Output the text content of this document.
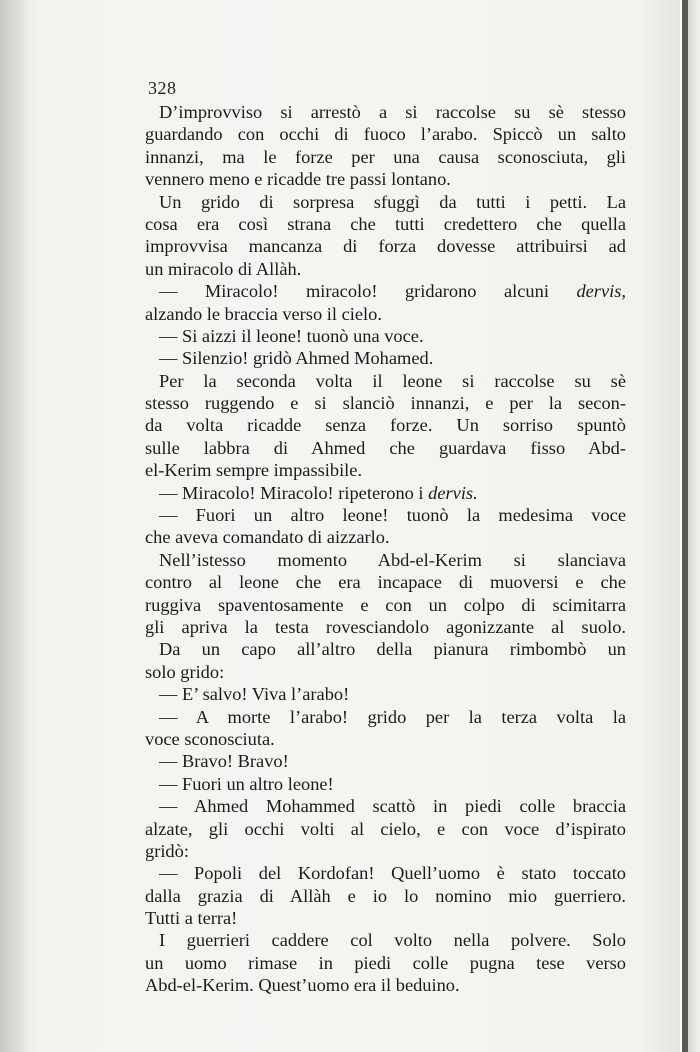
328
D’improvviso si arrestò a si raccolse su sè stesso
guardando con occhi di fuoco l’arabo. Spiccò un salto
innanzi, ma le forze per una causa sconosciuta, gli
vennero meno e ricadde tre passi lontano.
Un grido di sorpresa sfuggì da tutti i petti. La
cosa era così strana che tutti credettero che quella
improvvisa mancanza di forza dovesse attribuirsi ad
un miracolo di Allàh.
— Miracolo! miracolo! gridarono alcuni dervis,
alzando le braccia verso il cielo.
— Si aizzi il leone! tuonò una voce.
— Silenzio! gridò Ahmed Mohamed.
Per la seconda volta il leone si raccolse su sè
stesso ruggendo e si slanciò innanzi, e per la secon-
da volta ricadde senza forze. Un sorriso spuntò
sulle labbra di Ahmed che guardava fisso Abd-
el-Kerim sempre impassibile.
— Miracolo! Miracolo! ripeterono i dervis.
— Fuori un altro leone! tuonò la medesima voce
che aveva comandato di aizzarlo.
Nell’istesso momento Abd-el-Kerim si slanciava
contro al leone che era incapace di muoversi e che
ruggiva spaventosamente e con un colpo di scimitarra
gli apriva la testa rovesciandolo agonizzante al suolo.
Da un capo all’altro della pianura rimbombò un
solo grido:
— E’ salvo! Viva l’arabo!
— A morte l’arabo! grido per la terza volta la
voce sconosciuta.
— Bravo! Bravo!
— Fuori un altro leone!
— Ahmed Mohammed scattò in piedi colle braccia
alzate, gli occhi volti al cielo, e con voce d’ispirato
gridò:
— Popoli del Kordofan! Quell’uomo è stato toccato
dalla grazia di Allàh e io lo nomino mio guerriero.
Tutti a terra!
I guerrieri caddere col volto nella polvere. Solo
un uomo rimase in piedi colle pugna tese verso
Abd-el-Kerim. Quest’uomo era il beduino.
